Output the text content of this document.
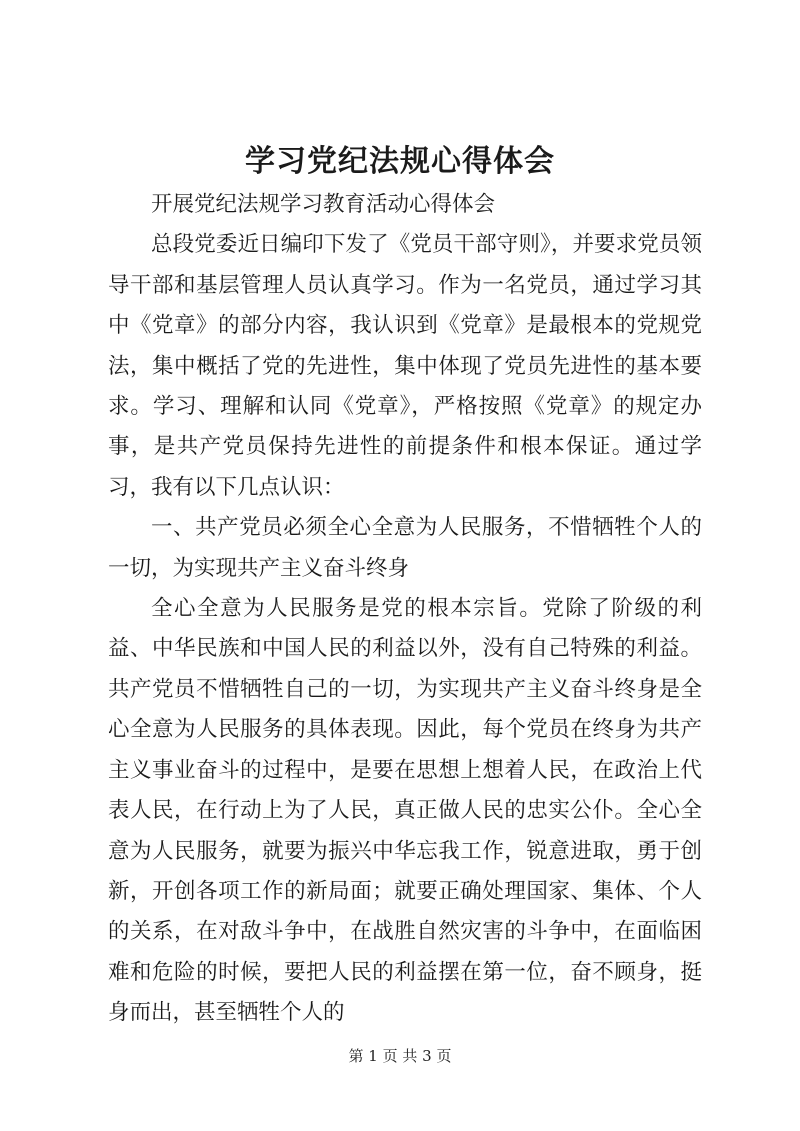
学习党纪法规心得体会

开展党纪法规学习教育活动心得体会

总段党委近日编印下发了《党员干部守则》，并要求党员领导干部和基层管理人员认真学习。作为一名党员，通过学习其中《党章》的部分内容，我认识到《党章》是最根本的党规党法，集中概括了党的先进性，集中体现了党员先进性的基本要求。学习、理解和认同《党章》，严格按照《党章》的规定办事，是共产党员保持先进性的前提条件和根本保证。通过学习，我有以下几点认识：

一、共产党员必须全心全意为人民服务，不惜牺牲个人的一切，为实现共产主义奋斗终身

全心全意为人民服务是党的根本宗旨。党除了阶级的利益、中华民族和中国人民的利益以外，没有自己特殊的利益。共产党员不惜牺牲自己的一切，为实现共产主义奋斗终身是全心全意为人民服务的具体表现。因此，每个党员在终身为共产主义事业奋斗的过程中，是要在思想上想着人民，在政治上代表人民，在行动上为了人民，真正做人民的忠实公仆。全心全意为人民服务，就要为振兴中华忘我工作，锐意进取，勇于创新，开创各项工作的新局面；就要正确处理国家、集体、个人的关系，在对敌斗争中，在战胜自然灾害的斗争中，在面临困难和危险的时候，要把人民的利益摆在第一位，奋不顾身，挺身而出，甚至牺牲个人的

第 1 页 共 3 页
